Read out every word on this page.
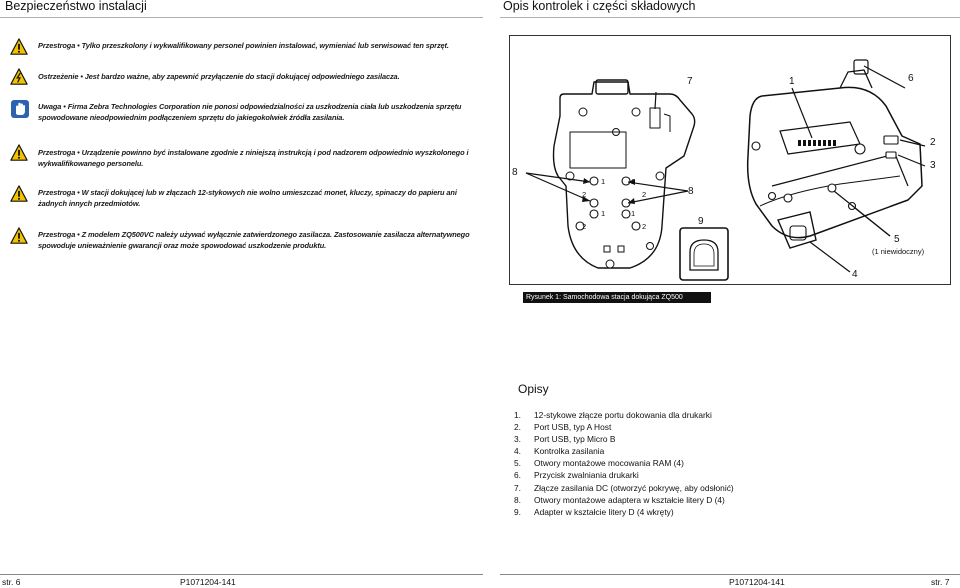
Bezpieczeństwo instalacji	Opis kontrolek i części składowych
Przestroga • Tylko przeszkolony i wykwalifikowany personel powinien instalować, wymieniać lub serwisować ten sprzęt.
Ostrzeżenie • Jest bardzo ważne, aby zapewnić przyłączenie do stacji dokującej odpowiedniego zasilacza.
Uwaga • Firma Zebra Technologies Corporation nie ponosi odpowiedzialności za uszkodzenia ciała lub uszkodzenia sprzętu spowodowane nieodpowiednim podłączeniem sprzętu do jakiegokolwiek źródła zasilania.
Przestroga • Urządzenie powinno być instalowane zgodnie z niniejszą instrukcją i pod nadzorem odpowiednio wyszkolonego i wykwalifikowanego personelu.
Przestroga • W stacji dokującej lub w złączach 12-stykowych nie wolno umieszczać monet, kluczy, spinaczy do papieru ani żadnych innych przedmiotów.
Przestroga • Z modelem ZQ500VC należy używać wyłącznie zatwierdzonego zasilacza. Zastosowanie zasilacza alternatywnego spowoduje unieważnienie gwarancji oraz może spowodować uszkodzenie produktu.
7	1	6
2
3
8
8
9
5
(1 niewidoczny)
4
1	1
2	2
1	1
2	2
Rysunek 1: Samochodowa stacja dokująca ZQ500
Opisy
1. 12-stykowe złącze portu dokowania dla drukarki
2. Port USB, typ A Host
3. Port USB, typ Micro B
4. Kontrolka zasilania
5. Otwory montażowe mocowania RAM (4)
6. Przycisk zwalniania drukarki
7. Złącze zasilania DC (otworzyć pokrywę, aby odsłonić)
8. Otwory montażowe adaptera w kształcie litery D (4)
9. Adapter w kształcie litery D (4 wkręty)
str. 6	P1071204-141	P1071204-141	str. 7
